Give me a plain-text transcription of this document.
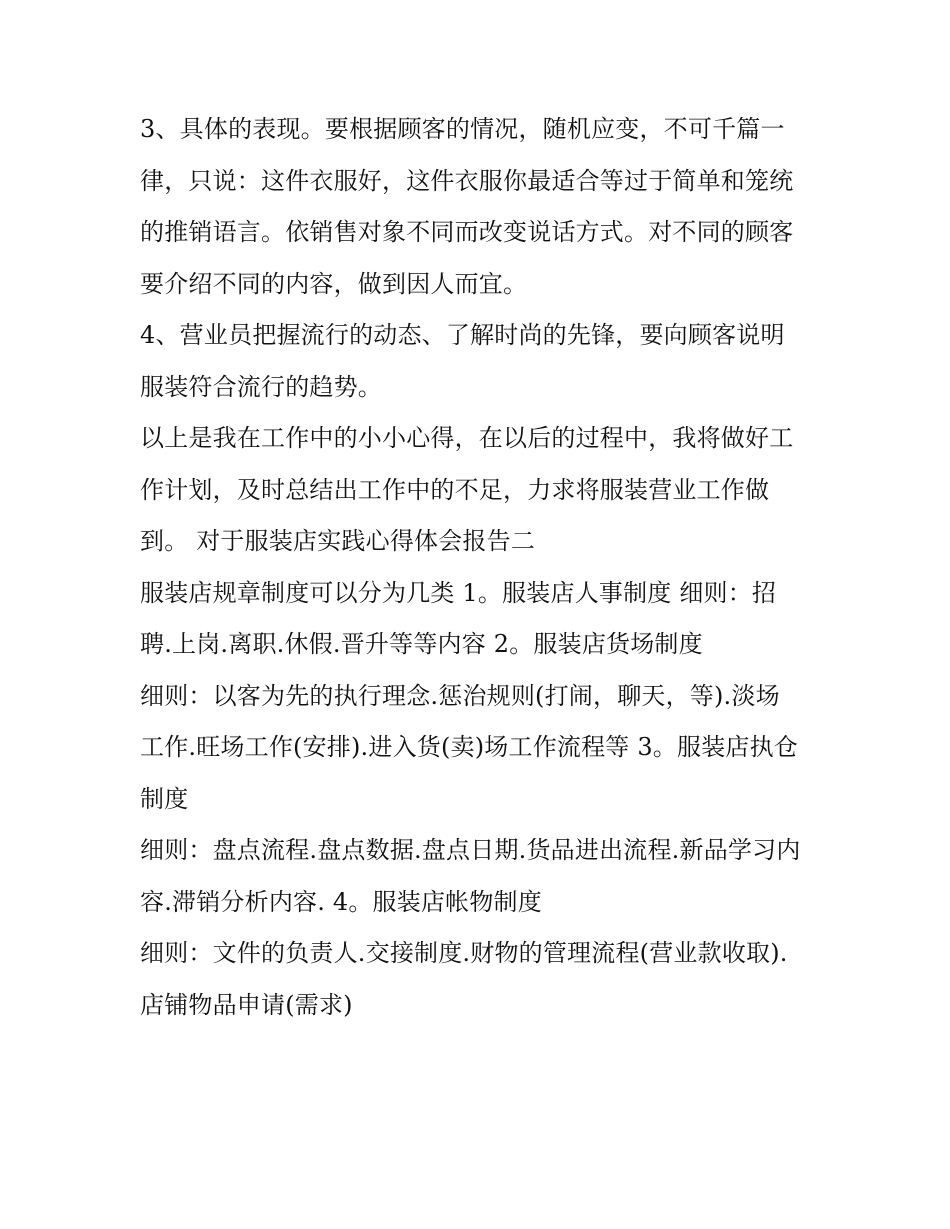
3、具体的表现。要根据顾客的情况，随机应变，不可千篇一
律，只说：这件衣服好，这件衣服你最适合等过于简单和笼统
的推销语言。依销售对象不同而改变说话方式。对不同的顾客
要介绍不同的内容，做到因人而宜。
4、营业员把握流行的动态、了解时尚的先锋，要向顾客说明
服装符合流行的趋势。
以上是我在工作中的小小心得，在以后的过程中，我将做好工
作计划，及时总结出工作中的不足，力求将服装营业工作做
到。 对于服装店实践心得体会报告二
服装店规章制度可以分为几类 1。服装店人事制度 细则：招
聘.上岗.离职.休假.晋升等等内容 2。服装店货场制度
细则：以客为先的执行理念.惩治规则(打闹，聊天，等).淡场
工作.旺场工作(安排).进入货(卖)场工作流程等 3。服装店执仓
制度
细则：盘点流程.盘点数据.盘点日期.货品进出流程.新品学习内
容.滞销分析内容. 4。服装店帐物制度
细则：文件的负责人.交接制度.财物的管理流程(营业款收取).
店铺物品申请(需求)
